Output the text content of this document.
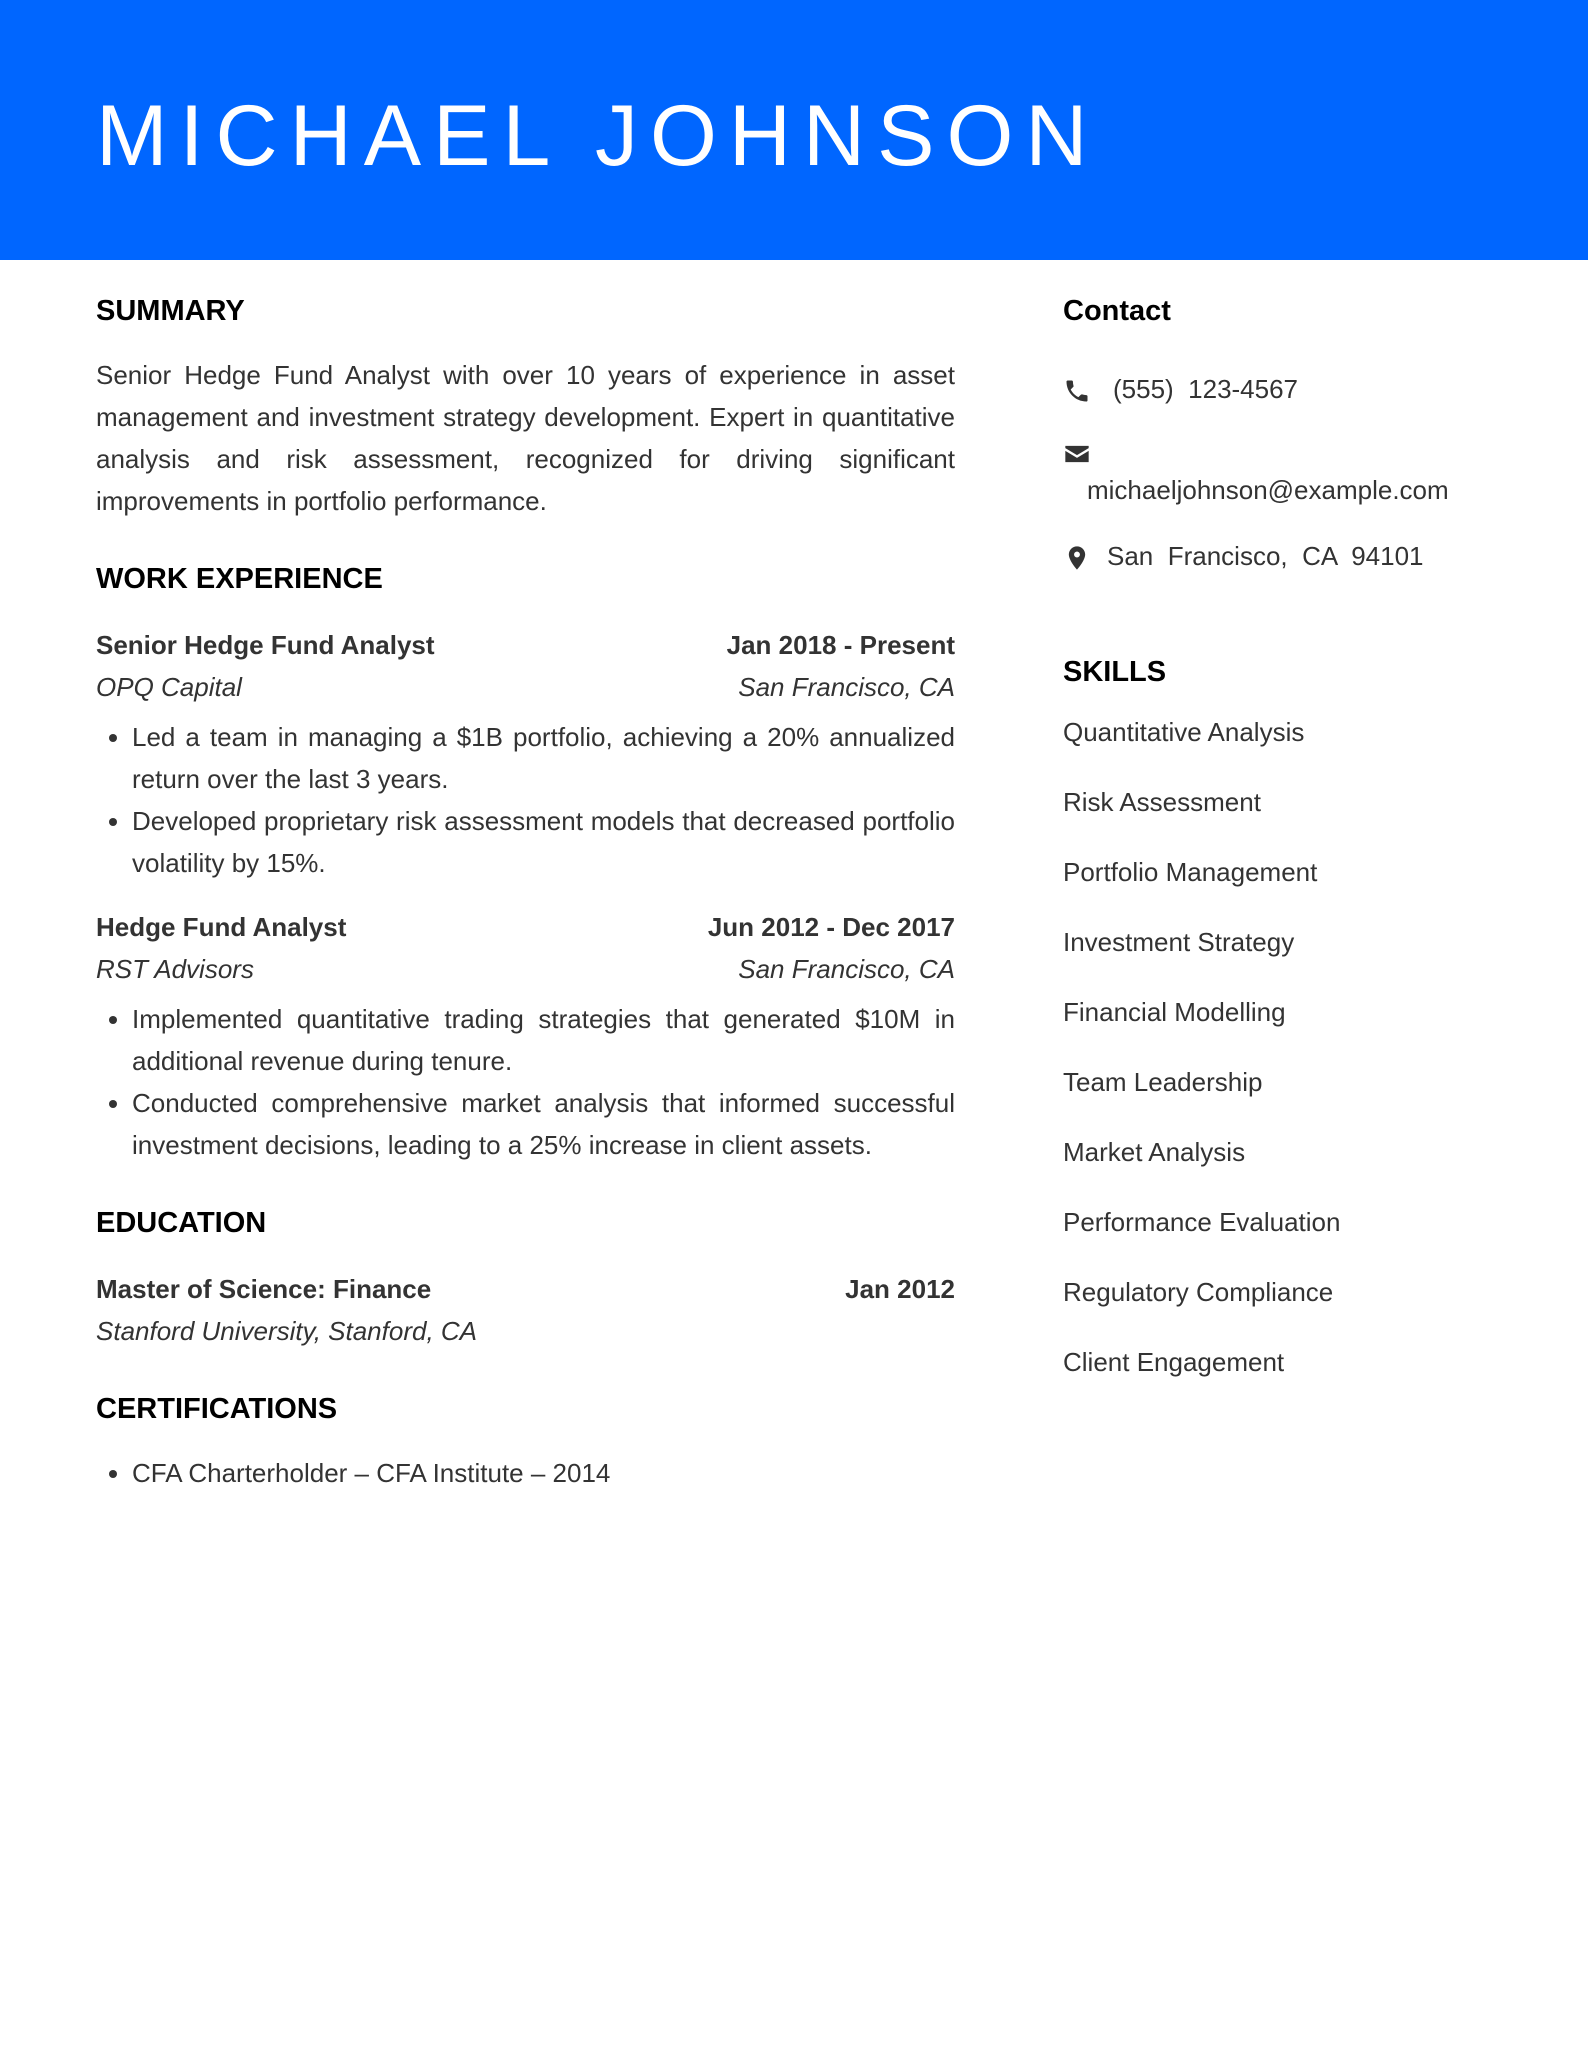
MICHAEL JOHNSON
SUMMARY

Senior Hedge Fund Analyst with over 10 years of experience in asset management and investment strategy development. Expert in quantitative analysis and risk assessment, recognized for driving significant improvements in portfolio performance.

WORK EXPERIENCE
Senior Hedge Fund Analyst	Jan 2018 - Present
OPQ Capital	San Francisco, CA
• Led a team in managing a $1B portfolio, achieving a 20% annualized return over the last 3 years.
• Developed proprietary risk assessment models that decreased portfolio volatility by 15%.
Hedge Fund Analyst	Jun 2012 - Dec 2017
RST Advisors	San Francisco, CA
• Implemented quantitative trading strategies that generated $10M in additional revenue during tenure.
• Conducted comprehensive market analysis that informed successful investment decisions, leading to a 25% increase in client assets.
EDUCATION
Master of Science: Finance	Jan 2012
Stanford University, Stanford, CA
CERTIFICATIONS
• CFA Charterholder – CFA Institute – 2014
Contact
(555)  123-4567
michaeljohnson@example.com
San  Francisco,  CA  94101
SKILLS
Quantitative Analysis
Risk Assessment
Portfolio Management
Investment Strategy
Financial Modelling
Team Leadership
Market Analysis
Performance Evaluation
Regulatory Compliance
Client Engagement
